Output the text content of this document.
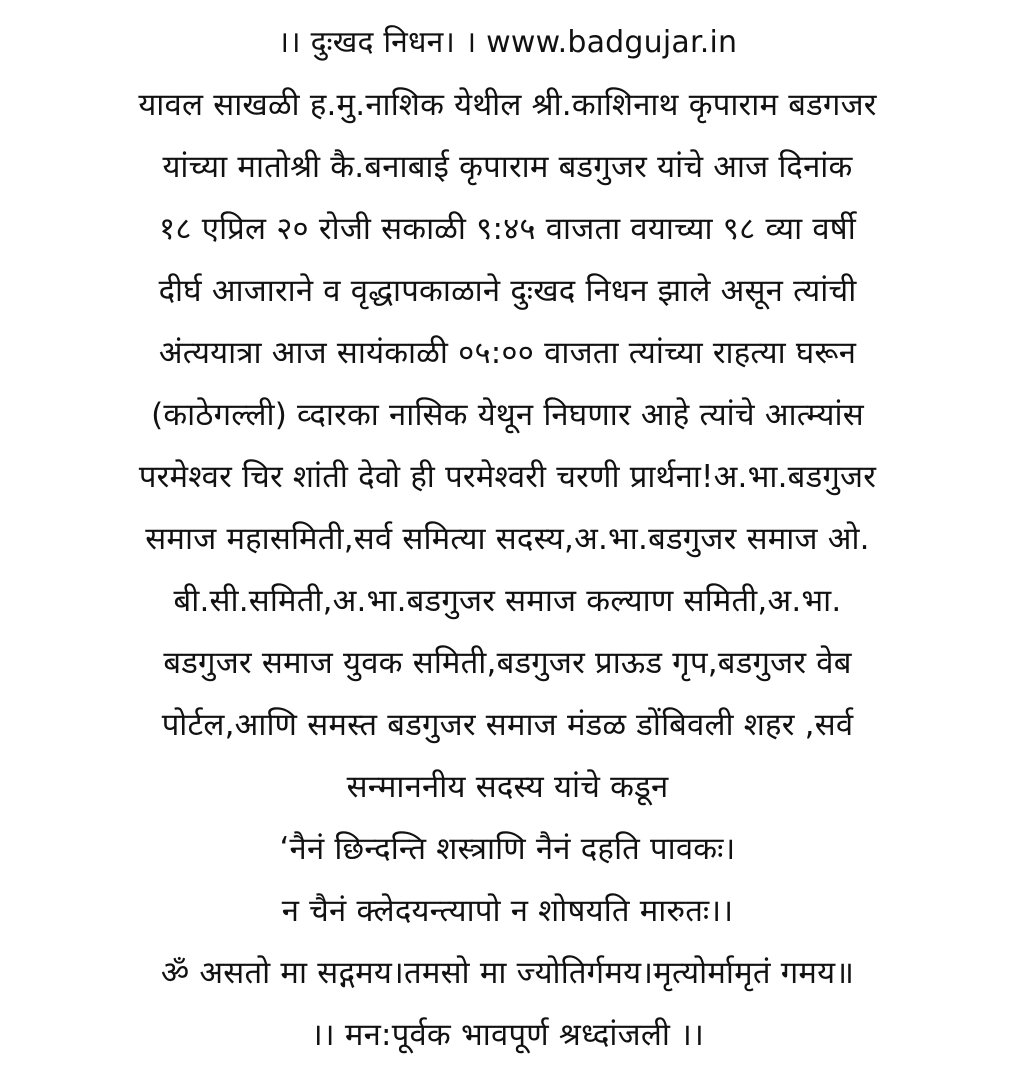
।। दुःखद निधन। । www.badgujar.in
यावल साखळी ह.मु.नाशिक येथील श्री.काशिनाथ कृपाराम बडगजर
यांच्या मातोश्री कै.बनाबाई कृपाराम बडगुजर यांचे आज दिनांक
१८ एप्रिल २० रोजी सकाळी ९:४५ वाजता वयाच्या ९८ व्या वर्षी
दीर्घ आजाराने व वृद्धापकाळाने दुःखद निधन झाले असून त्यांची
अंत्ययात्रा आज सायंकाळी ०५:०० वाजता त्यांच्या राहत्या घरून
(काठेगल्ली) व्दारका नासिक येथून निघणार आहे त्यांचे आत्म्यांस
परमेश्वर चिर शांती देवो ही परमेश्वरी चरणी प्रार्थना!अ.भा.बडगुजर
समाज महासमिती,सर्व समित्या सदस्य,अ.भा.बडगुजर समाज ओ.
बी.सी.समिती,अ.भा.बडगुजर समाज कल्याण समिती,अ.भा.
बडगुजर समाज युवक समिती,बडगुजर प्राऊड गृप,बडगुजर वेब
पोर्टल,आणि समस्त बडगुजर समाज मंडळ डोंबिवली शहर ,सर्व
सन्माननीय सदस्य यांचे कडून
‘नैनं छिन्दन्ति शस्त्राणि नैनं दहति पावकः।
न चैनं क्लेदयन्त्यापो न शोषयति मारुतः।।
ॐ असतो मा सद्गमय।तमसो मा ज्योतिर्गमय।मृत्योर्मामृतं गमय॥
।। मन:पूर्वक भावपूर्ण श्रध्दांजली ।।
